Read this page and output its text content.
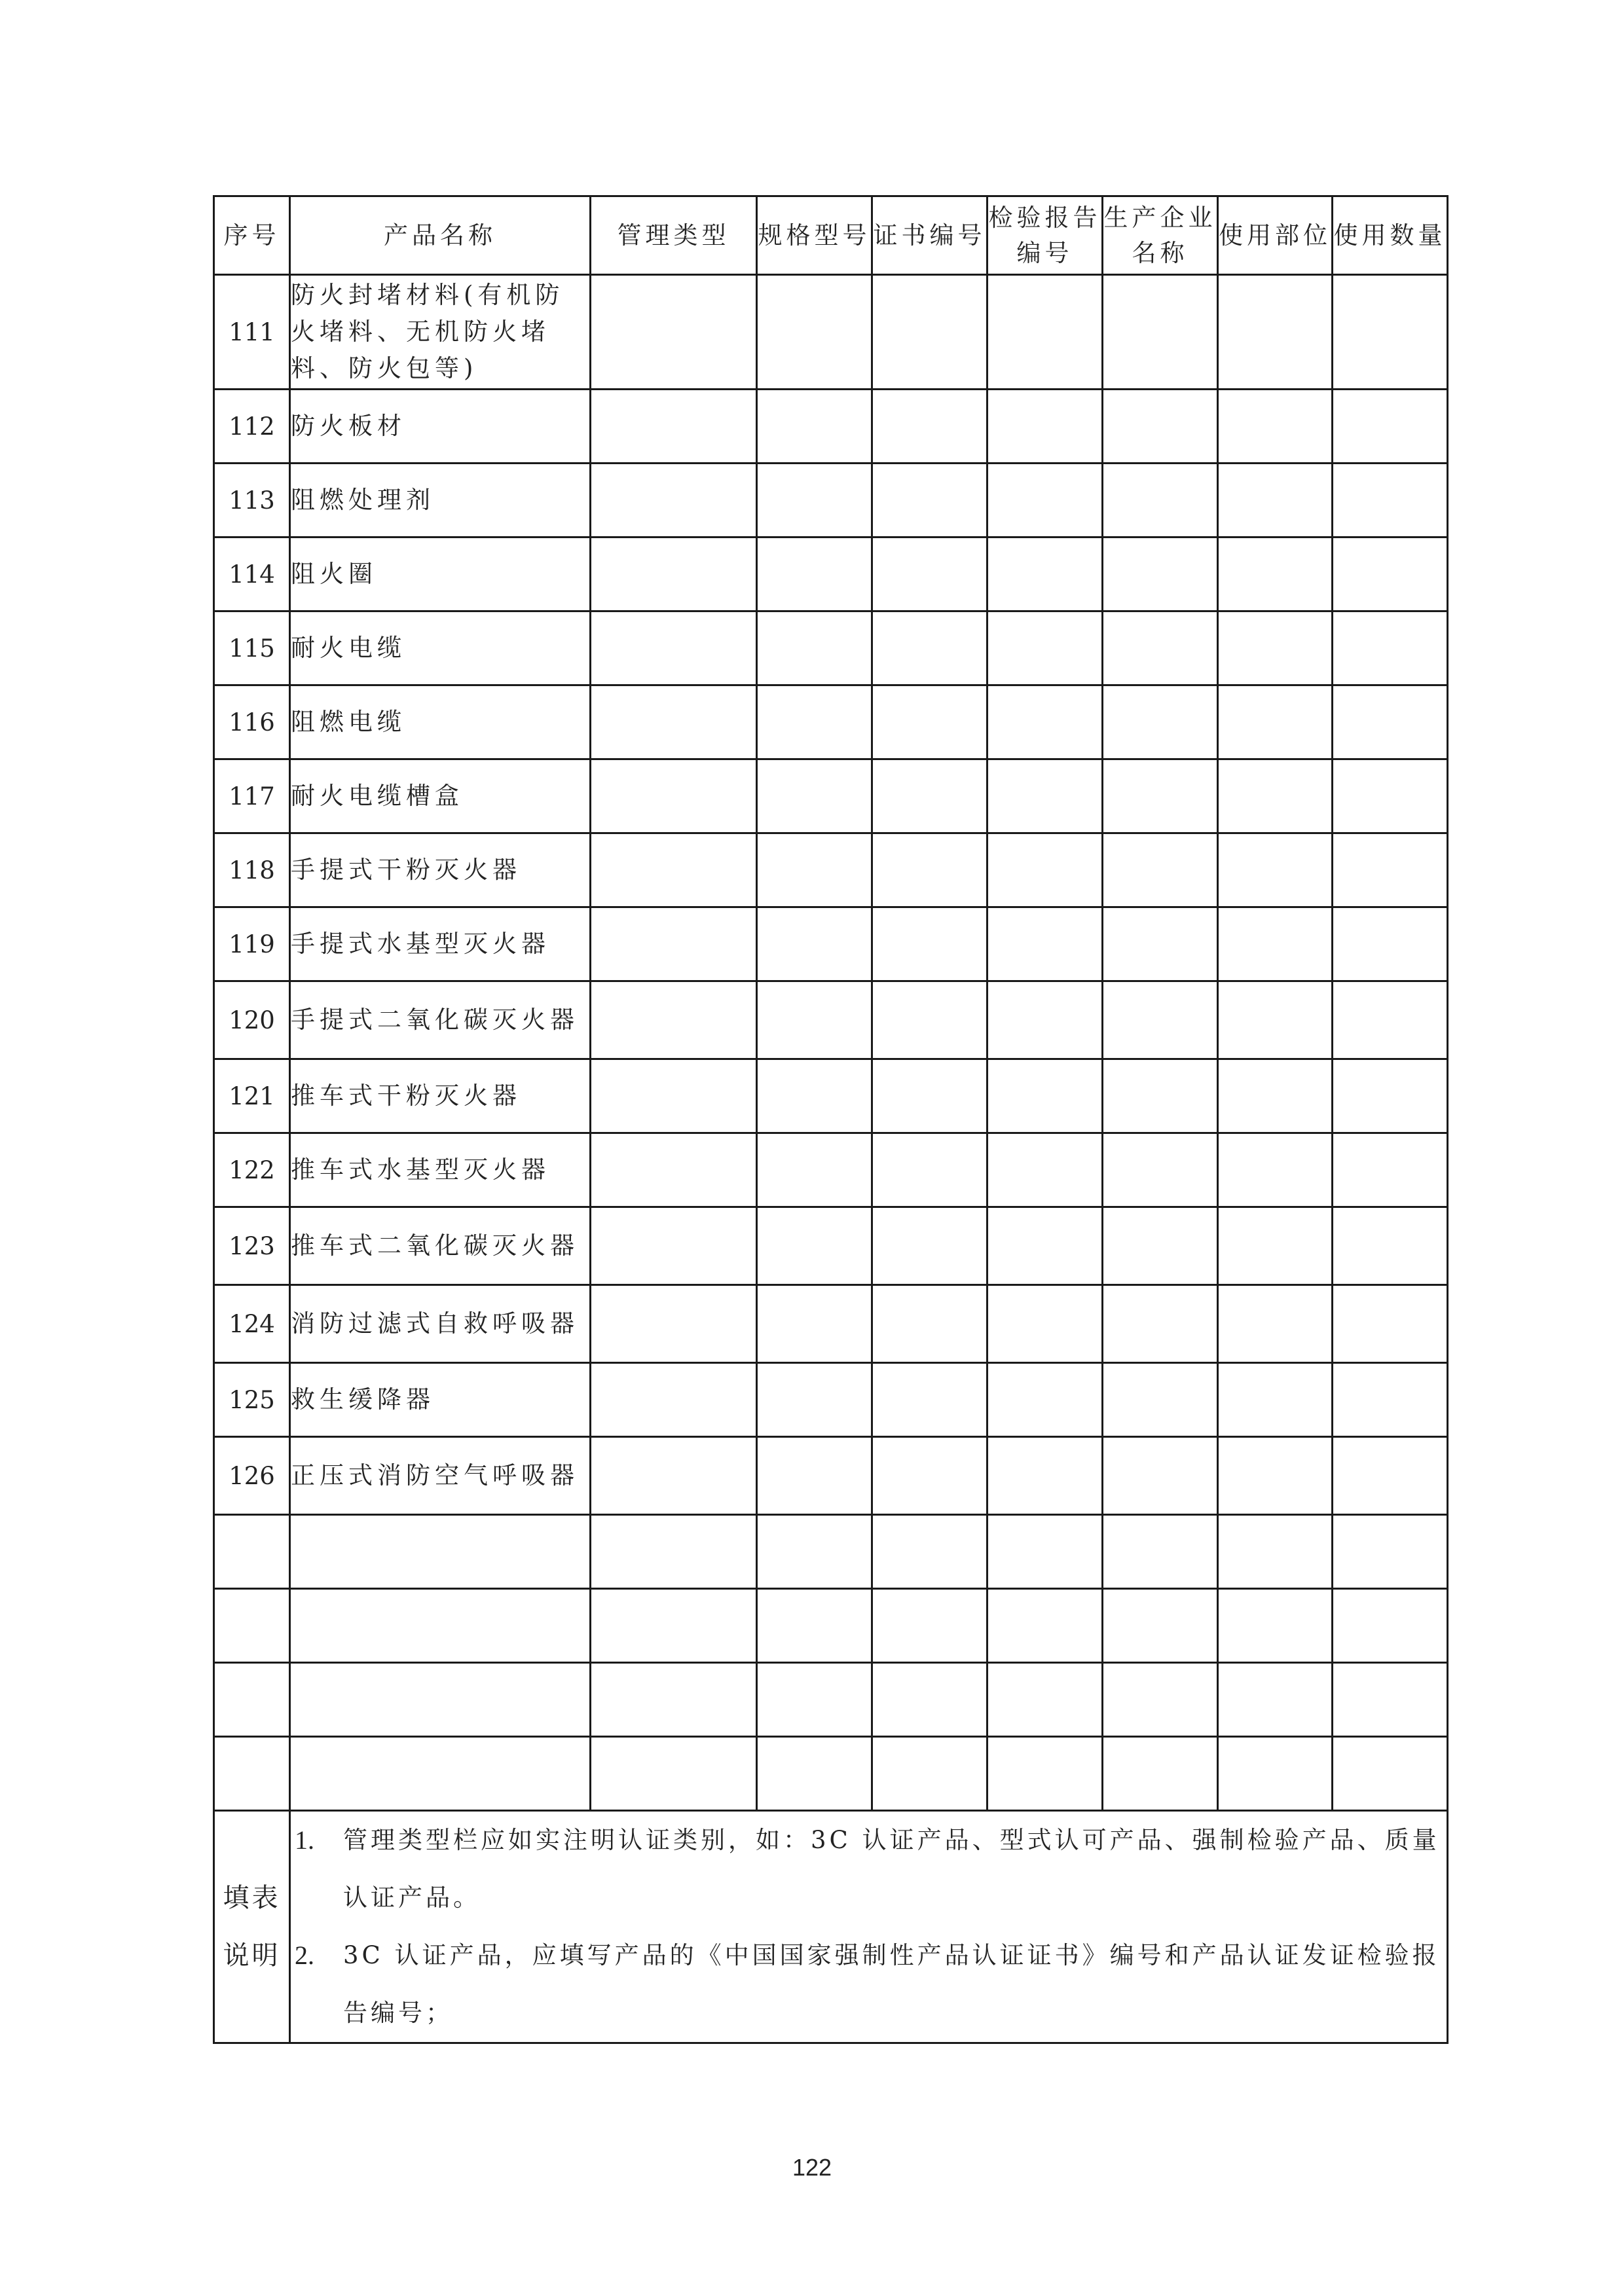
序号	产品名称	管理类型	规格型号	证书编号	检验报告编号	生产企业名称	使用部位	使用数量
111	防火封堵材料(有机防火堵料、无机防火堵料、防火包等)							
112	防火板材							
113	阻燃处理剂							
114	阻火圈							
115	耐火电缆							
116	阻燃电缆							
117	耐火电缆槽盒							
118	手提式干粉灭火器							
119	手提式水基型灭火器							
120	手提式二氧化碳灭火器							
121	推车式干粉灭火器							
122	推车式水基型灭火器							
123	推车式二氧化碳灭火器							
124	消防过滤式自救呼吸器							
125	救生缓降器							
126	正压式消防空气呼吸器							

填表说明	1. 管理类型栏应如实注明认证类别，如：3C 认证产品、型式认可产品、强制检验产品、质量认证产品。
2. 3C 认证产品，应填写产品的《中国国家强制性产品认证证书》编号和产品认证发证检验报告编号；							
122
